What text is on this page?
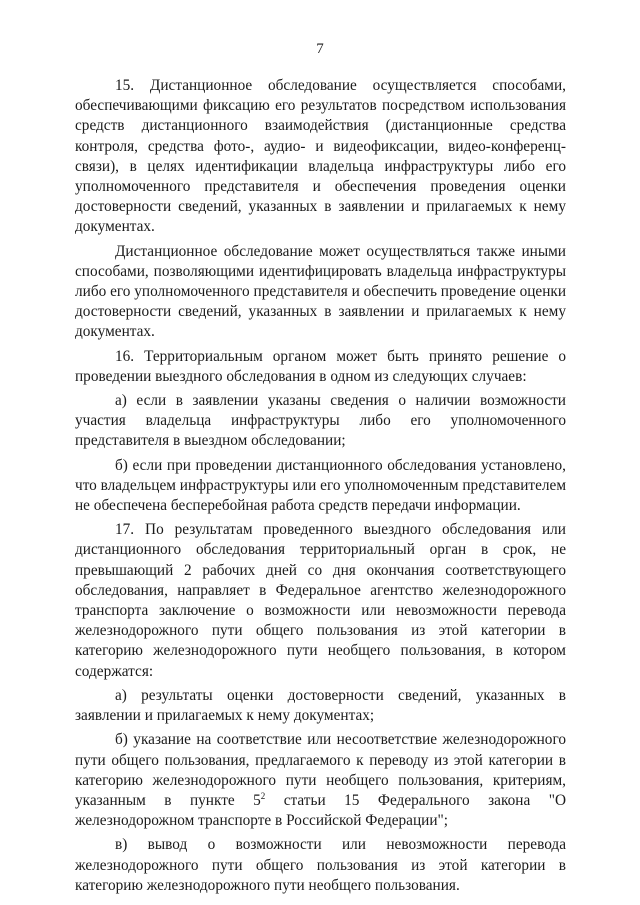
7

15. Дистанционное обследование осуществляется способами, обеспечивающими фиксацию его результатов посредством использования средств дистанционного взаимодействия (дистанционные средства контроля, средства фото-, аудио- и видеофиксации, видео-конференц-связи), в целях идентификации владельца инфраструктуры либо его уполномоченного представителя и обеспечения проведения оценки достоверности сведений, указанных в заявлении и прилагаемых к нему документах.

Дистанционное обследование может осуществляться также иными способами, позволяющими идентифицировать владельца инфраструктуры либо его уполномоченного представителя и обеспечить проведение оценки достоверности сведений, указанных в заявлении и прилагаемых к нему документах.

16. Территориальным органом может быть принято решение о проведении выездного обследования в одном из следующих случаев:

а) если в заявлении указаны сведения о наличии возможности участия владельца инфраструктуры либо его уполномоченного представителя в выездном обследовании;

б) если при проведении дистанционного обследования установлено, что владельцем инфраструктуры или его уполномоченным представителем не обеспечена бесперебойная работа средств передачи информации.

17. По результатам проведенного выездного обследования или дистанционного обследования территориальный орган в срок, не превышающий 2 рабочих дней со дня окончания соответствующего обследования, направляет в Федеральное агентство железнодорожного транспорта заключение о возможности или невозможности перевода железнодорожного пути общего пользования из этой категории в категорию железнодорожного пути необщего пользования, в котором содержатся:

а) результаты оценки достоверности сведений, указанных в заявлении и прилагаемых к нему документах;

б) указание на соответствие или несоответствие железнодорожного пути общего пользования, предлагаемого к переводу из этой категории в категорию железнодорожного пути необщего пользования, критериям, указанным в пункте $5^2$ статьи 15 Федерального закона "О железнодорожном транспорте в Российской Федерации";

в) вывод о возможности или невозможности перевода железнодорожного пути общего пользования из этой категории в категорию железнодорожного пути необщего пользования.
